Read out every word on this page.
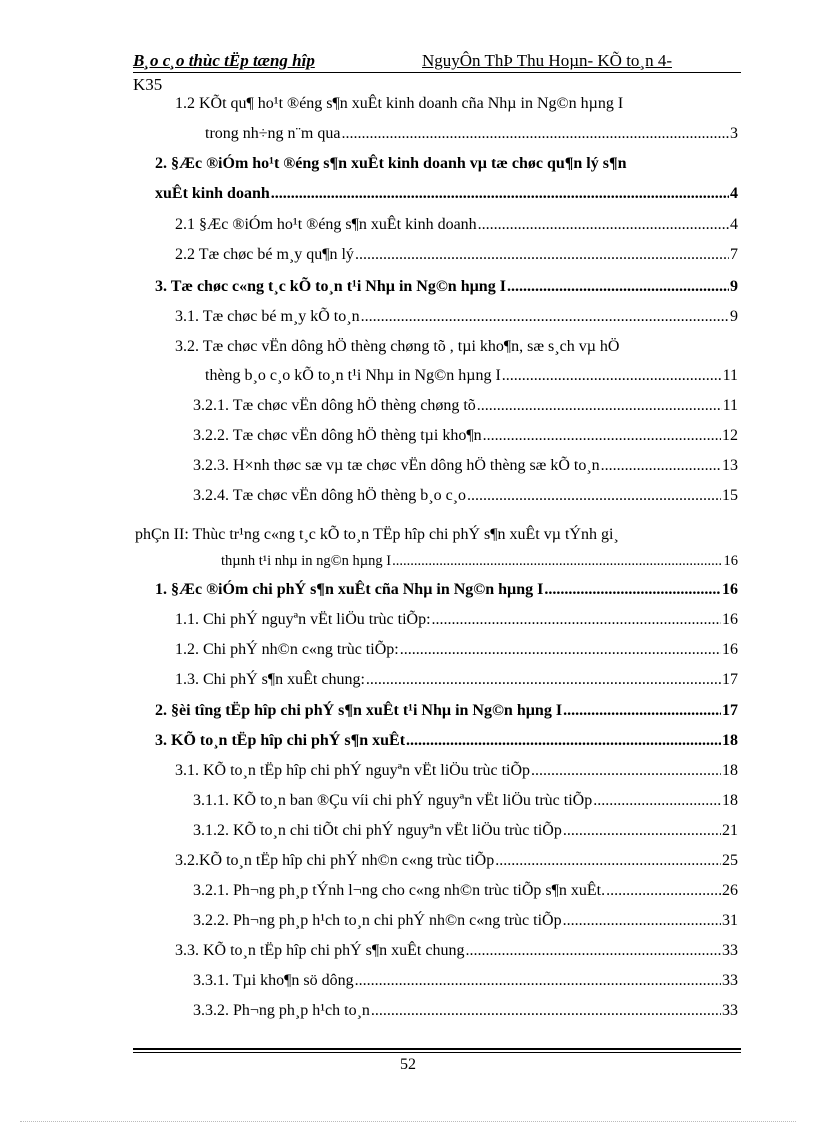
B¸o c¸o thùc tËp tæng hîp	NguyÔn ThÞ Thu Hoµn- KÕ to¸n 4-
K35
1.2 KÕt qu¶ ho¹t ®éng s¶n xuÊt kinh doanh cña Nhµ in Ng©n hµng I
trong nh÷ng n¨m qua .....	3
2. §Æc ®iÓm ho¹t ®éng s¶n xuÊt kinh doanh vµ tæ chøc qu¶n lý s¶n
xuÊt kinh doanh .....	4
2.1 §Æc ®iÓm ho¹t ®éng s¶n xuÊt kinh doanh .....	4
2.2 Tæ chøc bé m¸y qu¶n lý .....	7
3. Tæ chøc c«ng t¸c kÕ to¸n t¹i Nhµ in Ng©n hµng I .....	9
3.1. Tæ chøc bé m¸y kÕ to¸n .....	9
3.2. Tæ chøc vËn dông hÖ thèng chøng tõ , tµi kho¶n, sæ s¸ch vµ hÖ
thèng b¸o c¸o kÕ to¸n t¹i Nhµ in Ng©n hµng I .....	11
3.2.1. Tæ chøc vËn dông hÖ thèng chøng tõ .....	11
3.2.2. Tæ chøc vËn dông hÖ thèng tµi kho¶n .....	12
3.2.3. H×nh thøc sæ vµ tæ chøc vËn dông hÖ thèng sæ kÕ to¸n .....	13
3.2.4. Tæ chøc vËn dông hÖ thèng b¸o c¸o .....	15
phÇn II: Thùc tr¹ng c«ng t¸c kÕ to¸n TËp hîp chi phÝ s¶n xuÊt vµ tÝnh gi¸
thµnh t¹i nhµ in ng©n hµng I .....	16
1. §Æc ®iÓm chi phÝ s¶n xuÊt cña Nhµ in Ng©n hµng I .....	16
1.1. Chi phÝ nguyªn vËt liÖu trùc tiÕp: .....	16
1.2. Chi phÝ nh©n c«ng trùc tiÕp: .....	16
1.3. Chi phÝ s¶n xuÊt chung: .....	17
2. §èi tîng tËp hîp chi phÝ s¶n xuÊt t¹i Nhµ in Ng©n hµng I .....	17
3. KÕ to¸n tËp hîp chi phÝ s¶n xuÊt .....	18
3.1. KÕ to¸n tËp hîp chi phÝ nguyªn vËt liÖu trùc tiÕp .....	18
3.1.1. KÕ to¸n ban ®Çu víi chi phÝ nguyªn vËt liÖu trùc tiÕp .....	18
3.1.2. KÕ to¸n chi tiÕt chi phÝ nguyªn vËt liÖu trùc tiÕp .....	21
3.2.KÕ to¸n tËp hîp chi phÝ nh©n c«ng trùc tiÕp .....	25
3.2.1. Ph¬ng ph¸p tÝnh l¬ng cho c«ng nh©n trùc tiÕp s¶n xuÊt. .....	26
3.2.2. Ph¬ng ph¸p h¹ch to¸n chi phÝ nh©n c«ng trùc tiÕp .....	31
3.3. KÕ to¸n tËp hîp chi phÝ s¶n xuÊt chung .....	33
3.3.1. Tµi kho¶n sö dông .....	33
3.3.2. Ph¬ng ph¸p h¹ch to¸n .....	33
52
